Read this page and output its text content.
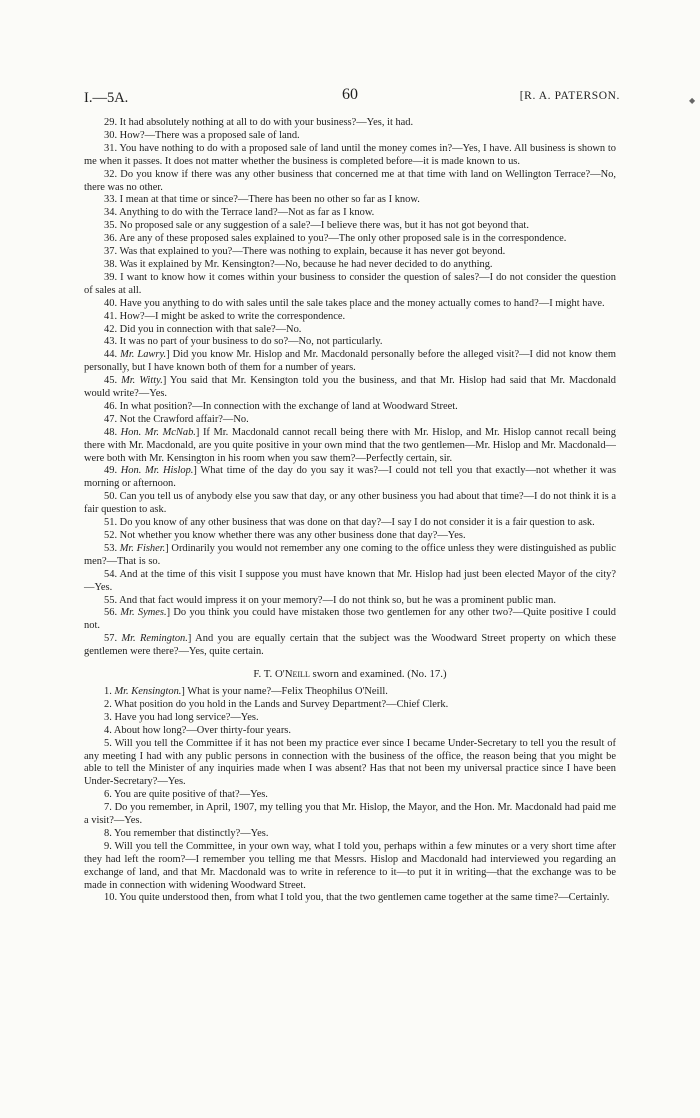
I.—5A.	60	[R. A. PATERSON.

29. It had absolutely nothing at all to do with your business?—Yes, it had.

30. How?—There was a proposed sale of land.

31. You have nothing to do with a proposed sale of land until the money comes in?—Yes, I have. All business is shown to me when it passes. It does not matter whether the business is completed before—it is made known to us.

32. Do you know if there was any other business that concerned me at that time with land on Wellington Terrace?—No, there was no other.

33. I mean at that time or since?—There has been no other so far as I know.

34. Anything to do with the Terrace land?—Not as far as I know.

35. No proposed sale or any suggestion of a sale?—I believe there was, but it has not got beyond that.

36. Are any of these proposed sales explained to you?—The only other proposed sale is in the correspondence.

37. Was that explained to you?—There was nothing to explain, because it has never got beyond.

38. Was it explained by Mr. Kensington?—No, because he had never decided to do anything.

39. I want to know how it comes within your business to consider the question of sales?—I do not consider the question of sales at all.

40. Have you anything to do with sales until the sale takes place and the money actually comes to hand?—I might have.

41. How?—I might be asked to write the correspondence.

42. Did you in connection with that sale?—No.

43. It was no part of your business to do so?—No, not particularly.

44. Mr. Lawry.] Did you know Mr. Hislop and Mr. Macdonald personally before the alleged visit?—I did not know them personally, but I have known both of them for a number of years.

45. Mr. Witty.] You said that Mr. Kensington told you the business, and that Mr. Hislop had said that Mr. Macdonald would write?—Yes.

46. In what position?—In connection with the exchange of land at Woodward Street.

47. Not the Crawford affair?—No.

48. Hon. Mr. McNab.] If Mr. Macdonald cannot recall being there with Mr. Hislop, and Mr. Hislop cannot recall being there with Mr. Macdonald, are you quite positive in your own mind that the two gentlemen—Mr. Hislop and Mr. Macdonald—were both with Mr. Kensington in his room when you saw them?—Perfectly certain, sir.

49. Hon. Mr. Hislop.] What time of the day do you say it was?—I could not tell you that exactly—not whether it was morning or afternoon.

50. Can you tell us of anybody else you saw that day, or any other business you had about that time?—I do not think it is a fair question to ask.

51. Do you know of any other business that was done on that day?—I say I do not consider it is a fair question to ask.

52. Not whether you know whether there was any other business done that day?—Yes.

53. Mr. Fisher.] Ordinarily you would not remember any one coming to the office unless they were distinguished as public men?—That is so.

54. And at the time of this visit I suppose you must have known that Mr. Hislop had just been elected Mayor of the city?—Yes.

55. And that fact would impress it on your memory?—I do not think so, but he was a prominent public man.

56. Mr. Symes.] Do you think you could have mistaken those two gentlemen for any other two?—Quite positive I could not.

57. Mr. Remington.] And you are equally certain that the subject was the Woodward Street property on which these gentlemen were there?—Yes, quite certain.

F. T. O'Neill sworn and examined. (No. 17.)

1. Mr. Kensington.] What is your name?—Felix Theophilus O'Neill.

2. What position do you hold in the Lands and Survey Department?—Chief Clerk.

3. Have you had long service?—Yes.

4. About how long?—Over thirty-four years.

5. Will you tell the Committee if it has not been my practice ever since I became Under-Secretary to tell you the result of any meeting I had with any public persons in connection with the business of the office, the reason being that you might be able to tell the Minister of any inquiries made when I was absent? Has that not been my universal practice since I have been Under-Secretary?—Yes.

6. You are quite positive of that?—Yes.

7. Do you remember, in April, 1907, my telling you that Mr. Hislop, the Mayor, and the Hon. Mr. Macdonald had paid me a visit?—Yes.

8. You remember that distinctly?—Yes.

9. Will you tell the Committee, in your own way, what I told you, perhaps within a few minutes or a very short time after they had left the room?—I remember you telling me that Messrs. Hislop and Macdonald had interviewed you regarding an exchange of land, and that Mr. Macdonald was to write in reference to it—to put it in writing—that the exchange was to be made in connection with widening Woodward Street.

10. You quite understood then, from what I told you, that the two gentlemen came together at the same time?—Certainly.

◆
